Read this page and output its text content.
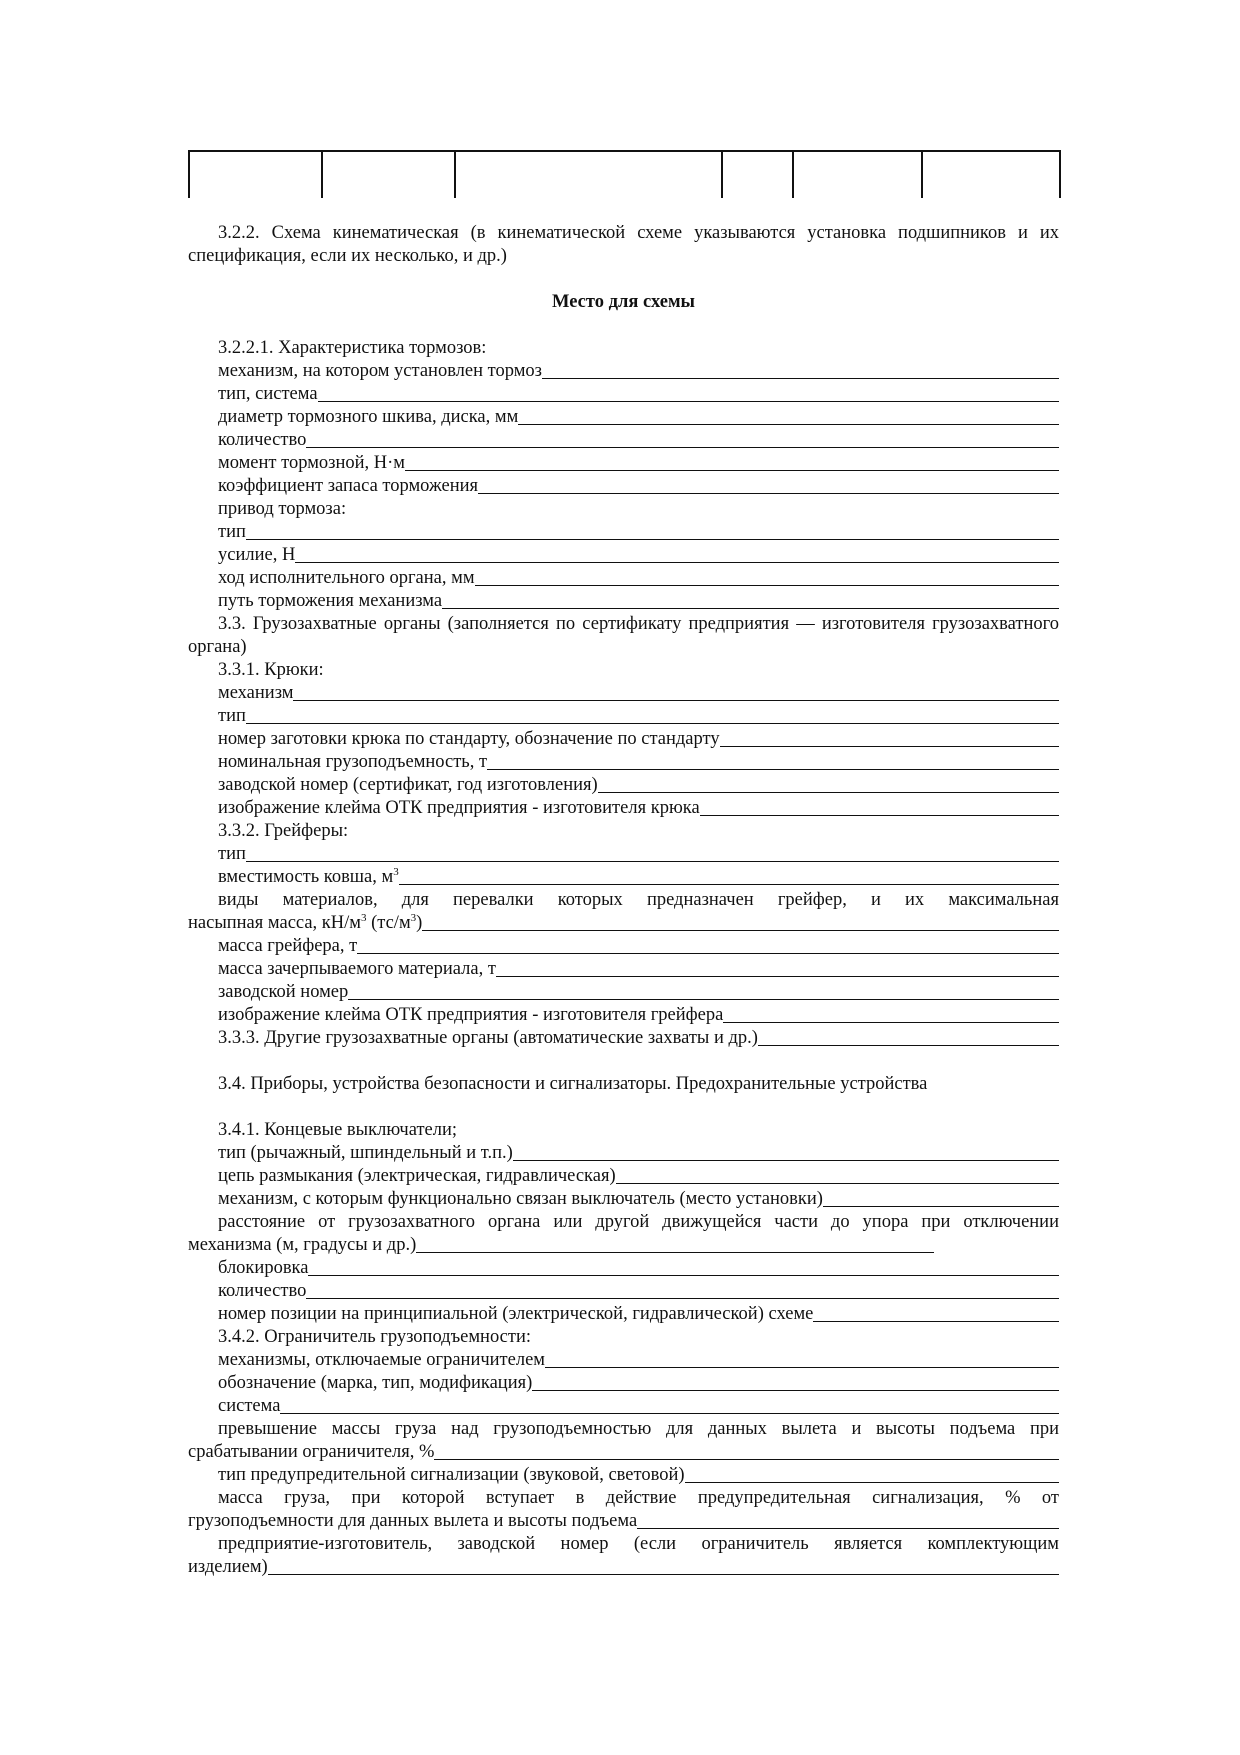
3.2.2. Схема кинематическая (в кинематической схеме указываются установка подшипников и их спецификация, если их несколько, и др.)

Место для схемы

3.2.2.1. Характеристика тормозов:

механизм, на котором установлен тормоз
тип, система
диаметр тормозного шкива, диска, мм
количество
момент тормозной, Н·м
коэффициент запаса торможения

привод тормоза:

тип
усилие, Н
ход исполнительного органа, мм
путь торможения механизма

3.3. Грузозахватные органы (заполняется по сертификату предприятия — изготовителя грузозахватного органа)

3.3.1. Крюки:

механизм
тип
номер заготовки крюка по стандарту, обозначение по стандарту
номинальная грузоподъемность, т
заводской номер (сертификат, год изготовления)
изображение клейма ОТК предприятия - изготовителя крюка

3.3.2. Грейферы:

тип
вместимость ковша, $м^3$

виды материалов, для перевалки которых предназначен грейфер, и их максимальная

насыпная масса, $кН/м^3$ $(тс/м^3)$
масса грейфера, т
масса зачерпываемого материала, т
заводской номер
изображение клейма ОТК предприятия - изготовителя грейфера
3.3.3. Другие грузозахватные органы (автоматические захваты и др.)

3.4. Приборы, устройства безопасности и сигнализаторы. Предохранительные устройства

3.4.1. Концевые выключатели;

тип (рычажный, шпиндельный и т.п.)
цепь размыкания (электрическая, гидравлическая)
механизм, с которым функционально связан выключатель (место установки)

расстояние от грузозахватного органа или другой движущейся части до упора при отключении

механизма (м, градусы и др.)
блокировка
количество
номер позиции на принципиальной (электрической, гидравлической) схеме

3.4.2. Ограничитель грузоподъемности:

механизмы, отключаемые ограничителем
обозначение (марка, тип, модификация)
система

превышение массы груза над грузоподъемностью для данных вылета и высоты подъема при

срабатывании ограничителя, %
тип предупредительной сигнализации (звуковой, световой)

масса груза, при которой вступает в действие предупредительная сигнализация, % от

грузоподъемности для данных вылета и высоты подъема

предприятие-изготовитель, заводской номер (если ограничитель является комплектующим

изделием)
